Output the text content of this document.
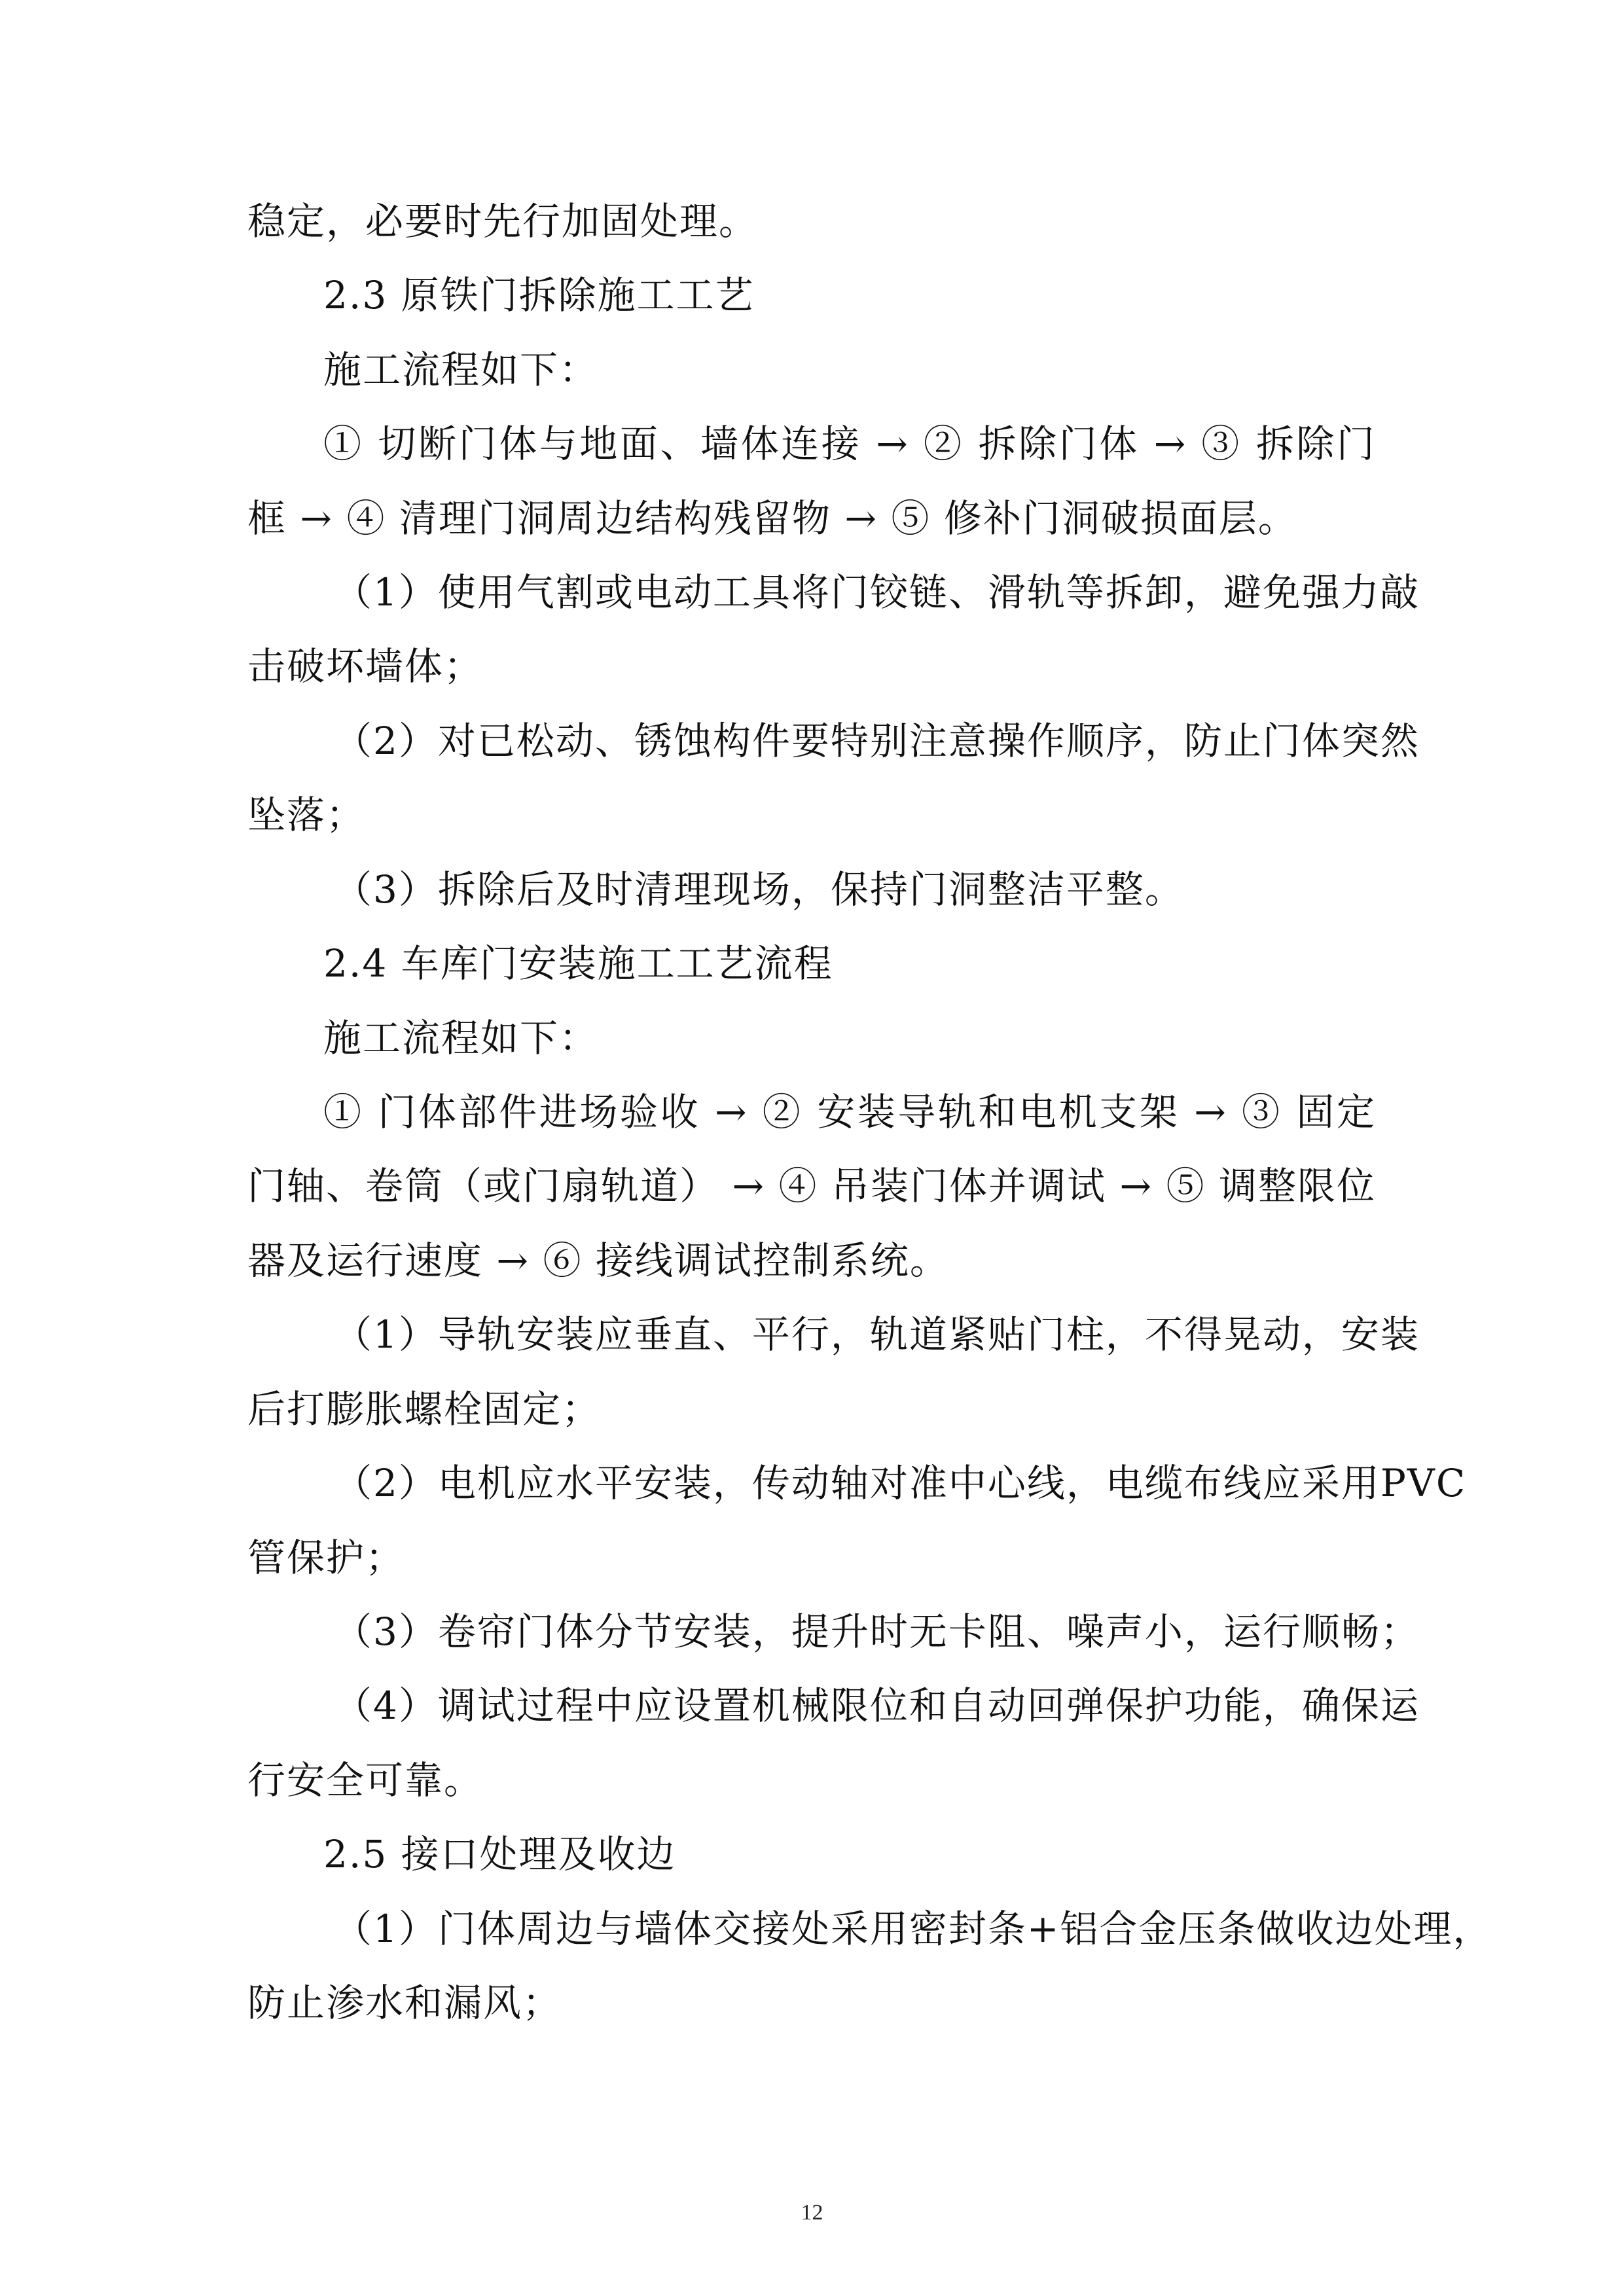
稳定，必要时先行加固处理。
2.3 原铁门拆除施工工艺
施工流程如下：
① 切断门体与地面、墙体连接 → ② 拆除门体 → ③ 拆除门
框 → ④ 清理门洞周边结构残留物 → ⑤ 修补门洞破损面层。
（1）使用气割或电动工具将门铰链、滑轨等拆卸，避免强力敲
击破坏墙体；
（2）对已松动、锈蚀构件要特别注意操作顺序，防止门体突然
坠落；
（3）拆除后及时清理现场，保持门洞整洁平整。
2.4 车库门安装施工工艺流程
施工流程如下：
① 门体部件进场验收 → ② 安装导轨和电机支架 → ③ 固定
门轴、卷筒（或门扇轨道） → ④ 吊装门体并调试 → ⑤ 调整限位
器及运行速度 → ⑥ 接线调试控制系统。
（1）导轨安装应垂直、平行，轨道紧贴门柱，不得晃动，安装
后打膨胀螺栓固定；
（2）电机应水平安装，传动轴对准中心线，电缆布线应采用PVC
管保护；
（3）卷帘门体分节安装，提升时无卡阻、噪声小，运行顺畅；
（4）调试过程中应设置机械限位和自动回弹保护功能，确保运
行安全可靠。
2.5 接口处理及收边
（1）门体周边与墙体交接处采用密封条+铝合金压条做收边处理，
防止渗水和漏风；
12
